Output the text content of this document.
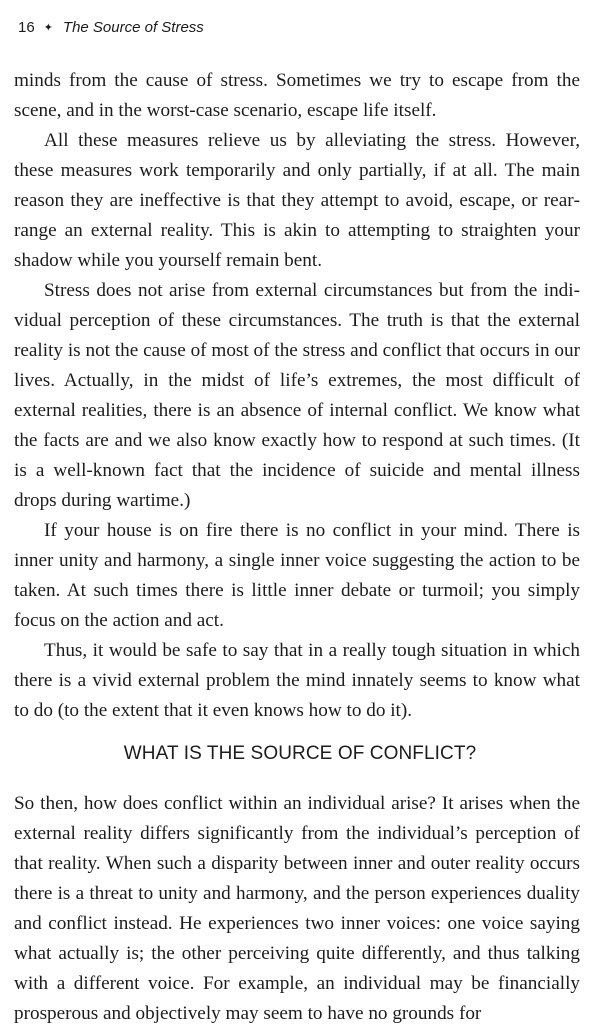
16 ✦ The Source of Stress

minds from the cause of stress. Sometimes we try to escape from the scene, and in the worst-case scenario, escape life itself.

All these measures relieve us by alleviating the stress. However, these measures work temporarily and only partially, if at all. The main reason they are ineffective is that they attempt to avoid, escape, or rearrange an external reality. This is akin to attempting to straighten your shadow while you yourself remain bent.

Stress does not arise from external circumstances but from the individual perception of these circumstances. The truth is that the external reality is not the cause of most of the stress and conflict that occurs in our lives. Actually, in the midst of life’s extremes, the most difficult of external realities, there is an absence of internal conflict. We know what the facts are and we also know exactly how to respond at such times. (It is a well-known fact that the incidence of suicide and mental illness drops during wartime.)

If your house is on fire there is no conflict in your mind. There is inner unity and harmony, a single inner voice suggesting the action to be taken. At such times there is little inner debate or turmoil; you simply focus on the action and act.

Thus, it would be safe to say that in a really tough situation in which there is a vivid external problem the mind innately seems to know what to do (to the extent that it even knows how to do it).

WHAT IS THE SOURCE OF CONFLICT?

So then, how does conflict within an individual arise? It arises when the external reality differs significantly from the individual’s perception of that reality. When such a disparity between inner and outer reality occurs there is a threat to unity and harmony, and the person experiences duality and conflict instead. He experiences two inner voices: one voice saying what actually is; the other perceiving quite differently, and thus talking with a different voice. For example, an individual may be financially prosperous and objectively may seem to have no grounds for
